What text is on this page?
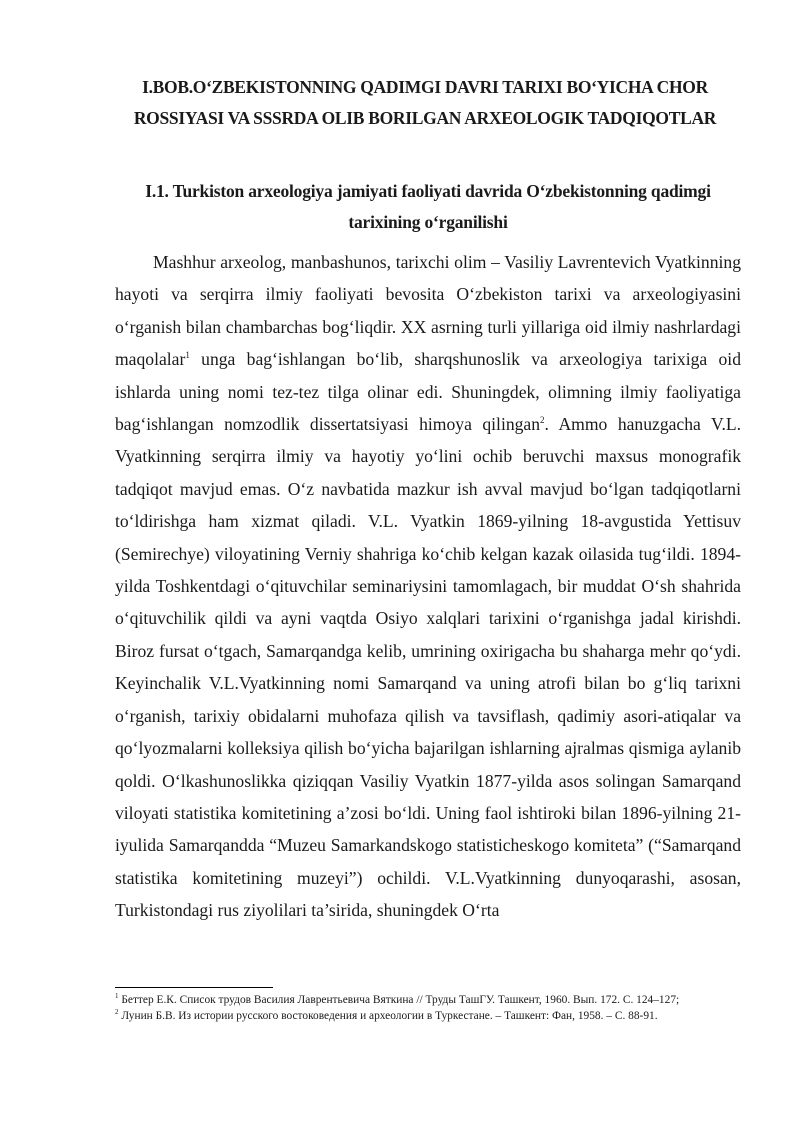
I.BOB.O‘ZBEKISTONNING QADIMGI DAVRI TARIXI BO‘YICHA CHOR ROSSIYASI VA SSSRDA OLIB BORILGAN ARXEOLOGIK TADQIQOTLAR
I.1. Turkiston arxeologiya jamiyati faoliyati davrida O‘zbekistonning qadimgi tarixining o‘rganilishi

Mashhur arxeolog, manbashunos, tarixchi olim – Vasiliy Lavrentevich Vyatkinning hayoti va serqirra ilmiy faoliyati bevosita O‘zbekiston tarixi va arxeologiyasini o‘rganish bilan chambarchas bog‘liqdir. XX asrning turli yillariga oid ilmiy nashrlardagi maqolalar$^1$ unga bag‘ishlangan bo‘lib, sharqshunoslik va arxeologiya tarixiga oid ishlarda uning nomi tez-tez tilga olinar edi. Shuningdek, olimning ilmiy faoliyatiga bag‘ishlangan nomzodlik dissertatsiyasi himoya qilingan$^2$. Ammo hanuzgacha V.L. Vyatkinning serqirra ilmiy va hayotiy yo‘lini ochib beruvchi maxsus monografik tadqiqot mavjud emas. O‘z navbatida mazkur ish avval mavjud bo‘lgan tadqiqotlarni to‘ldirishga ham xizmat qiladi. V.L. Vyatkin 1869-yilning 18-avgustida Yettisuv (Semirechye) viloyatining Verniy shahriga ko‘chib kelgan kazak oilasida tug‘ildi. 1894-yilda Toshkentdagi o‘qituvchilar seminariysini tamomlagach, bir muddat O‘sh shahrida o‘qituvchilik qildi va ayni vaqtda Osiyo xalqlari tarixini o‘rganishga jadal kirishdi. Biroz fursat o‘tgach, Samarqandga kelib, umrining oxirigacha bu shaharga mehr qo‘ydi. Keyinchalik V.L.Vyatkinning nomi Samarqand va uning atrofi bilan bo g‘liq tarixni o‘rganish, tarixiy obidalarni muhofaza qilish va tavsiflash, qadimiy asori-atiqalar va qo‘lyozmalarni kolleksiya qilish bo‘yicha bajarilgan ishlarning ajralmas qismiga aylanib qoldi. O‘lkashunoslikka qiziqqan Vasiliy Vyatkin 1877-yilda asos solingan Samarqand viloyati statistika komitetining a’zosi bo‘ldi. Uning faol ishtiroki bilan 1896-yilning 21-iyulida Samarqandda “Muzeu Samarkandskogo statisticheskogo komiteta” (“Samarqand statistika komitetining muzeyi”) ochildi. V.L.Vyatkinning dunyoqarashi, asosan, Turkistondagi rus ziyolilari ta’sirida, shuningdek O‘rta

$^1$ Беттер Е.К. Список трудов Василия Лаврентьевича Вяткина // Труды ТашГУ. Ташкент, 1960. Вып. 172. С. 124–127;

$^2$ Лунин Б.В. Из истории русского востоковедения и археологии в Туркестане. – Ташкент: Фан, 1958. – С. 88-91.
